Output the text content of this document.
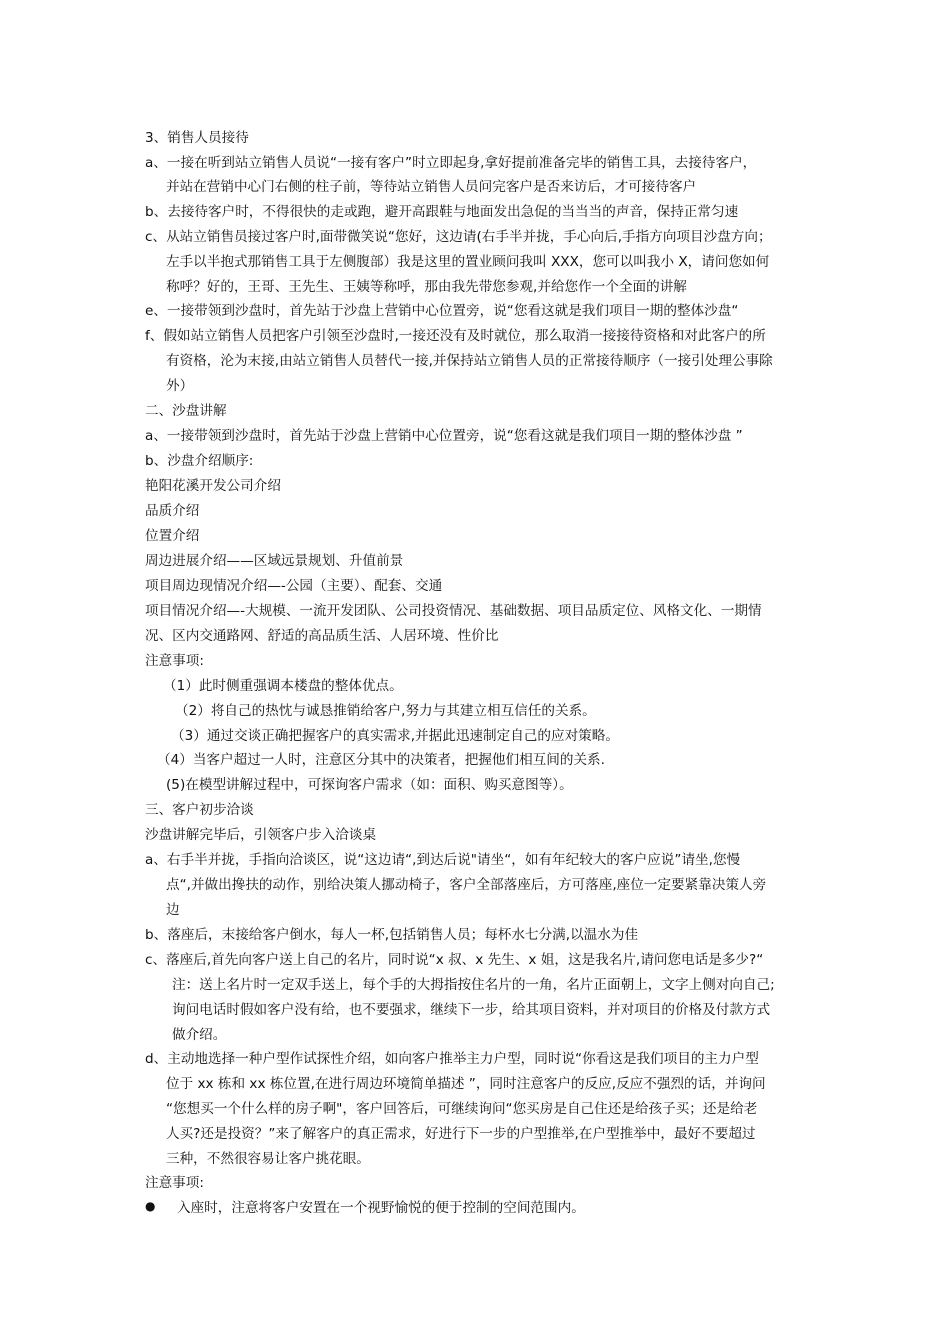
3、销售人员接待
a、一接在听到站立销售人员说“一接有客户”时立即起身,拿好提前准备完毕的销售工具，去接待客户，
并站在营销中心门右侧的柱子前，等待站立销售人员问完客户是否来访后，才可接待客户
b、去接待客户时，不得很快的走或跑，避开高跟鞋与地面发出急促的当当当的声音，保持正常匀速
c、从站立销售员接过客户时,面带微笑说“您好，这边请(右手半并拢，手心向后,手指方向项目沙盘方向；
左手以半抱式那销售工具于左侧腹部）我是这里的置业顾问我叫 XXX，您可以叫我小 X，请问您如何
称呼？好的，王哥、王先生、王姨等称呼，那由我先带您参观,并给您作一个全面的讲解
e、一接带领到沙盘时，首先站于沙盘上营销中心位置旁，说“您看这就是我们项目一期的整体沙盘“
f、假如站立销售人员把客户引领至沙盘时,一接还没有及时就位，那么取消一接接待资格和对此客户的所
有资格，沦为末接,由站立销售人员替代一接,并保持站立销售人员的正常接待顺序（一接引处理公事除
外）
二、沙盘讲解
a、一接带领到沙盘时，首先站于沙盘上营销中心位置旁，说“您看这就是我们项目一期的整体沙盘 ”
b、沙盘介绍顺序:
艳阳花溪开发公司介绍
品质介绍
位置介绍
周边进展介绍——区域远景规划、升值前景
项目周边现情况介绍—-公园（主要）、配套、交通
项目情况介绍—-大规模、一流开发团队、公司投资情况、基础数据、项目品质定位、风格文化、一期情
况、区内交通路网、舒适的高品质生活、人居环境、性价比
注意事项:
（1）此时侧重强调本楼盘的整体优点。
（2）将自己的热忱与诚恳推销给客户,努力与其建立相互信任的关系。
（3）通过交谈正确把握客户的真实需求,并据此迅速制定自己的应对策略。
（4）当客户超过一人时，注意区分其中的决策者，把握他们相互间的关系.
(5)在模型讲解过程中，可探询客户需求（如：面积、购买意图等）。
三、客户初步洽谈
沙盘讲解完毕后，引领客户步入洽谈桌
a、右手半并拢，手指向洽谈区，说“这边请“,到达后说"请坐“，如有年纪较大的客户应说”请坐,您慢
点“,并做出搀扶的动作，别给决策人挪动椅子，客户全部落座后，方可落座,座位一定要紧靠决策人旁
边
b、落座后，末接给客户倒水，每人一杯,包括销售人员；每杯水七分满,以温水为佳
c、落座后,首先向客户送上自己的名片，同时说“x 叔、x 先生、x 姐，这是我名片,请问您电话是多少?“
注：送上名片时一定双手送上，每个手的大拇指按住名片的一角，名片正面朝上，文字上侧对向自己;
询问电话时假如客户没有给，也不要强求，继续下一步，给其项目资料，并对项目的价格及付款方式
做介绍。
d、主动地选择一种户型作试探性介绍，如向客户推举主力户型，同时说“你看这是我们项目的主力户型
位于 xx 栋和 xx 栋位置,在进行周边环境简单描述 ”，同时注意客户的反应,反应不强烈的话，并询问
“您想买一个什么样的房子啊"，客户回答后，可继续询问“您买房是自己住还是给孩子买；还是给老
人买?还是投资？”来了解客户的真正需求，好进行下一步的户型推举,在户型推举中，最好不要超过
三种，不然很容易让客户挑花眼。
注意事项:
● 入座时，注意将客户安置在一个视野愉悦的便于控制的空间范围内。
